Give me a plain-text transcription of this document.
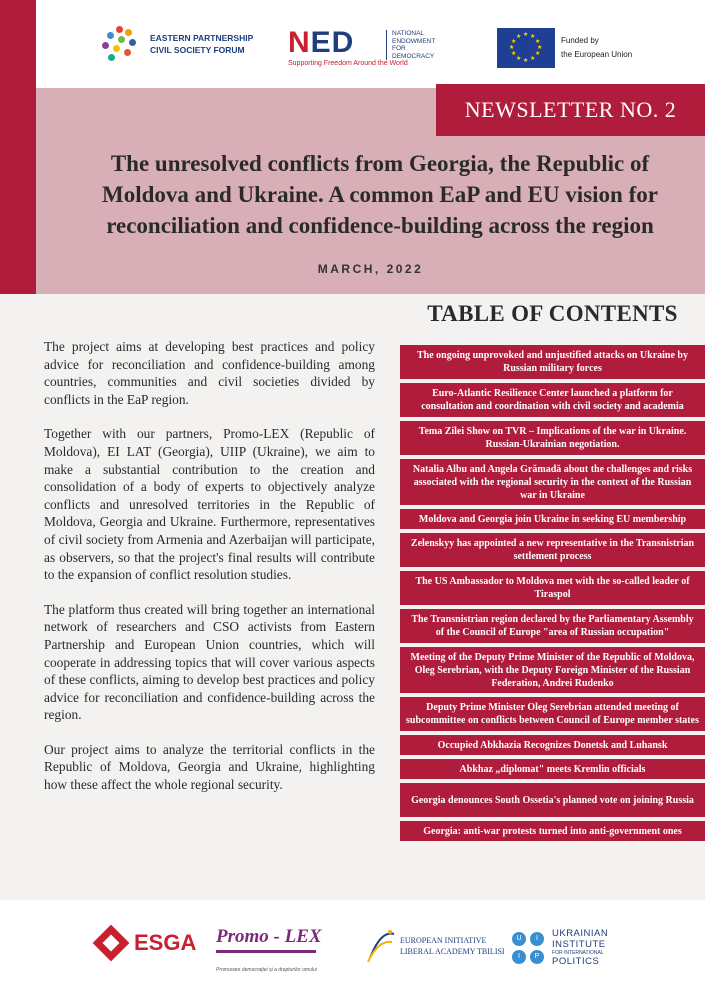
EASTERN PARTNERSHIP
CIVIL SOCIETY FORUM N ED
Supporting Freedom Around the World
NATIONAL
ENDOWMENT
FOR
DEMOCRACY
★ ★
★
★
★
★
★
★
★
★
★
★	Funded by
the European Union
NEWSLETTER NO. 2
The unresolved conflicts from Georgia, the Republic of Moldova and Ukraine. A common EaP and EU vision for reconciliation and confidence-building across the region
MARCH, 2022

The project aims at developing best practices and policy advice for reconciliation and confidence-building among countries, communities and civil societies divided by conflicts in the EaP region.

Together with our partners, Promo-LEX (Republic of Moldova), EI LAT (Georgia), UIIP (Ukraine), we aim to make a substantial contribution to the creation and consolidation of a body of experts to objectively analyze conflicts and unresolved territories in the Republic of Moldova, Georgia and Ukraine. Furthermore, representatives of civil society from Armenia and Azerbaijan will participate, as observers, so that the project's final results will contribute to the expansion of conflict resolution studies.

The platform thus created will bring together an international network of researchers and CSO activists from Eastern Partnership and European Union countries, which will cooperate in addressing topics that will cover various aspects of these conflicts, aiming to develop best practices and policy advice for reconciliation and confidence-building across the region.

Our project aims to analyze the territorial conflicts in the Republic of Moldova, Georgia and Ukraine, highlighting how these affect the whole regional security.

TABLE OF CONTENTS
The ongoing unprovoked and unjustified attacks on Ukraine by Russian military forces
Euro-Atlantic Resilience Center launched a platform for consultation and coordination with civil society and academia
Tema Zilei Show on TVR – Implications of the war in Ukraine. Russian-Ukrainian negotiation.
Natalia Albu and Angela Grămadă about the challenges and risks associated with the regional security in the context of the Russian war in Ukraine
Moldova and Georgia join Ukraine in seeking EU membership
Zelenskyy has appointed a new representative in the Transnistrian settlement process
The US Ambassador to Moldova met with the so-called leader of Tiraspol
The Transnistrian region declared by the Parliamentary Assembly of the Council of Europe "area of Russian occupation"
Meeting of the Deputy Prime Minister of the Republic of Moldova, Oleg Serebrian, with the Deputy Foreign Minister of the Russian Federation, Andrei Rudenko
Deputy Prime Minister Oleg Serebrian attended meeting of subcommittee on conflicts between Council of Europe member states
Occupied Abkhazia Recognizes Donetsk and Luhansk
Abkhaz „diplomat" meets Kremlin officials
Georgia denounces South Ossetia's planned vote on joining Russia
Georgia: anti-war protests turned into anti-government ones
ESGA Promo - LEX
Promovare democraţiei şi a drepturilor omului
EUROPEAN INITIATIVE
LIBERAL ACADEMY TBILISI
U	I
I	P
UKRAINIAN
INSTITUTE
FOR INTERNATIONAL
POLITICS
